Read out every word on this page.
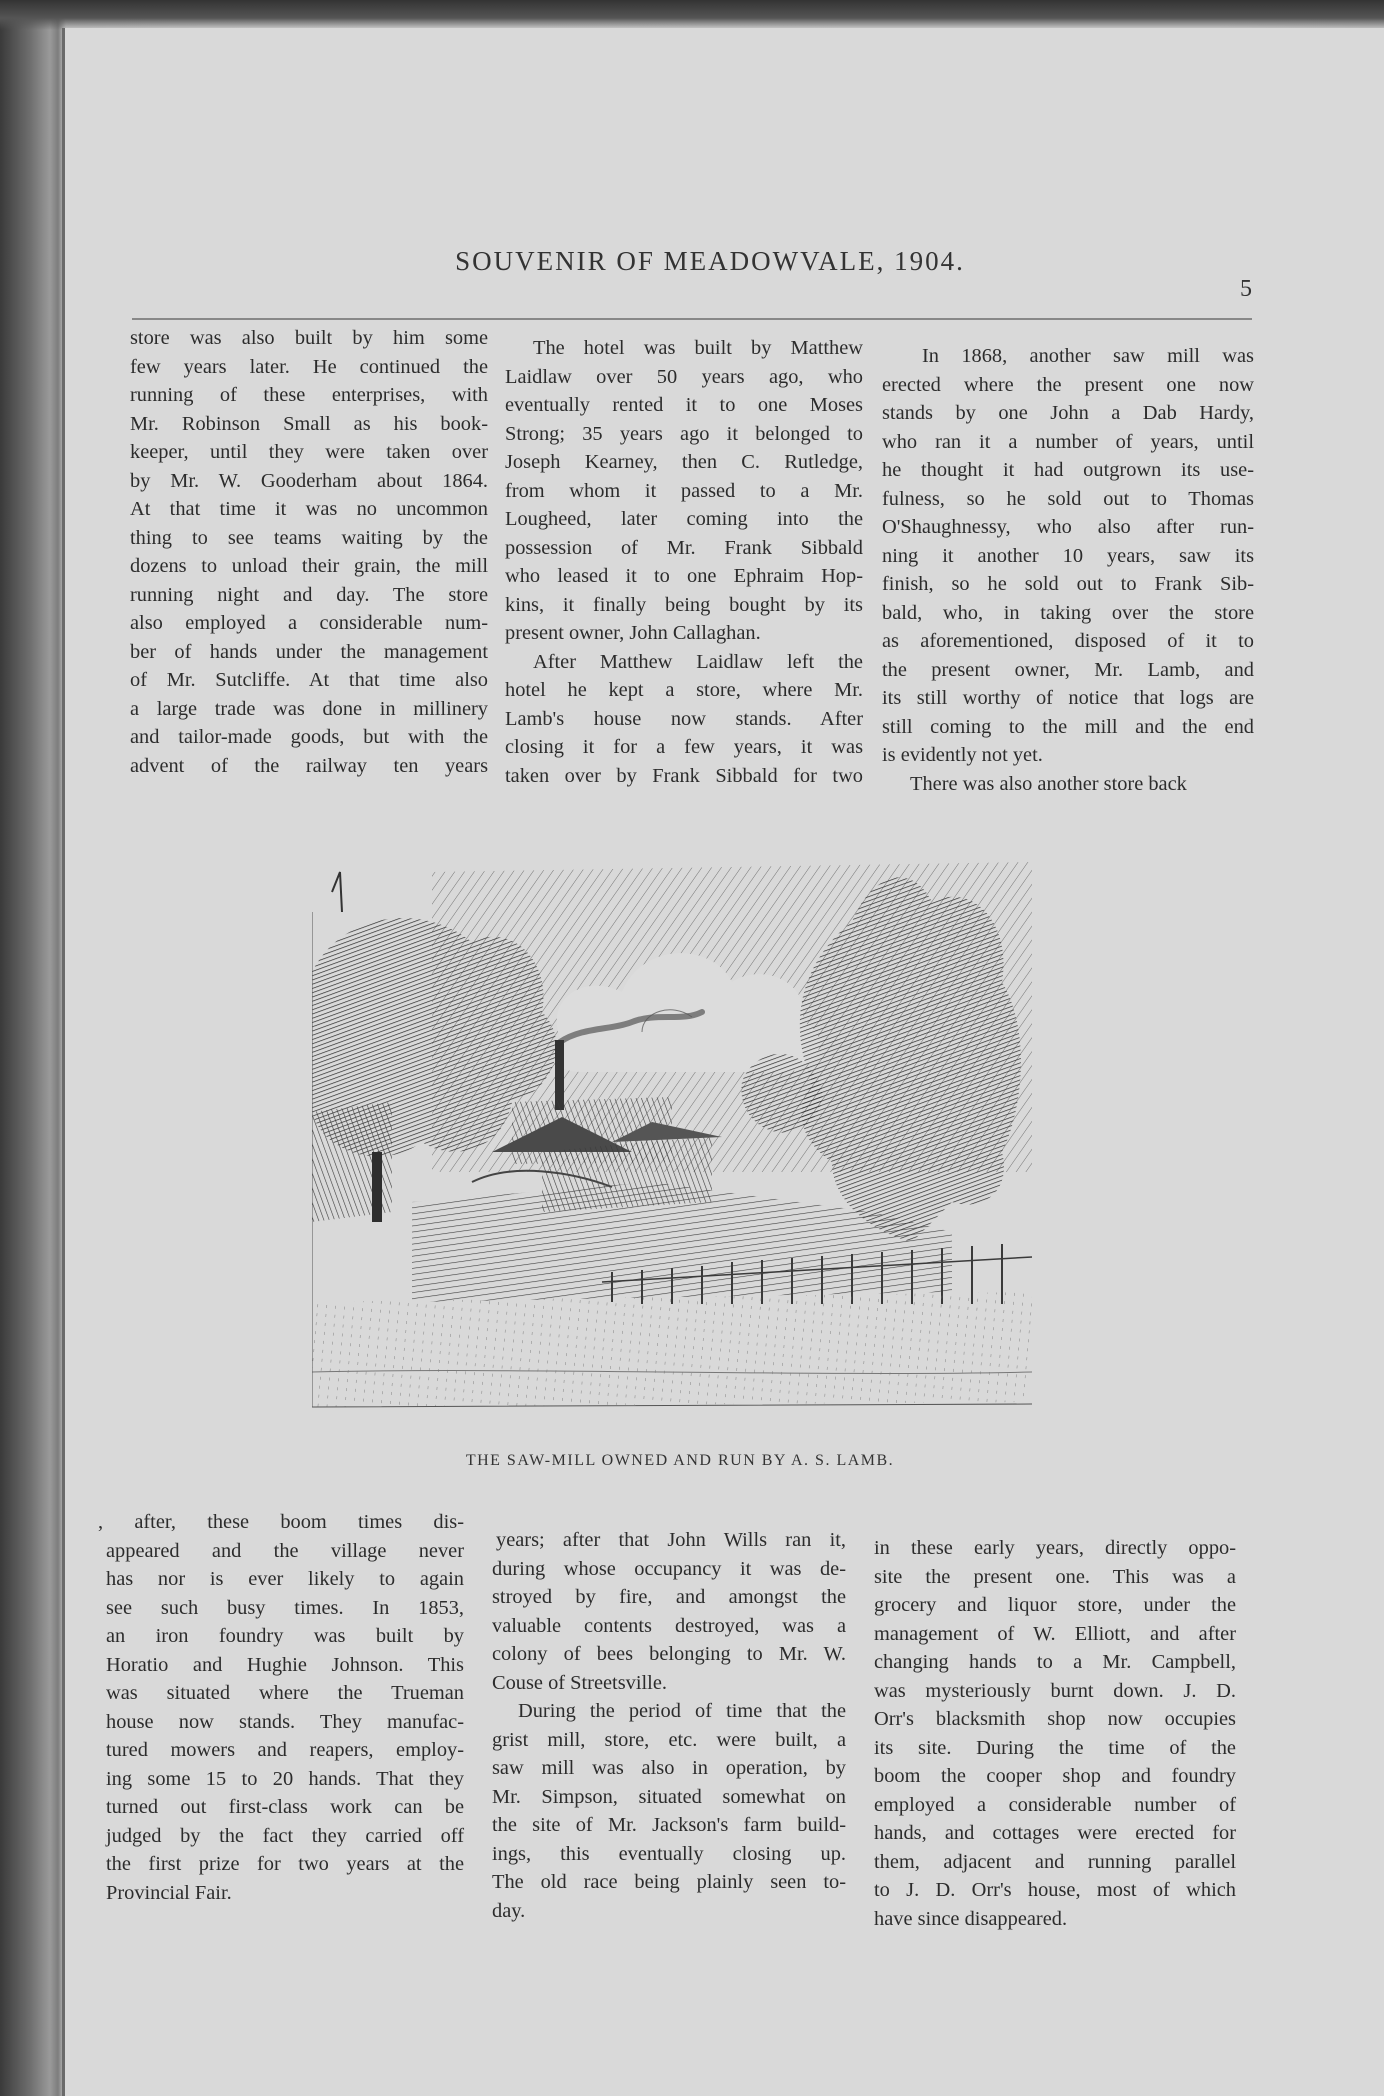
SOUVENIR OF MEADOWVALE, 1904.
5
store was also built by him some
few years later. He continued the
running of these enterprises, with
Mr. Robinson Small as his book-
keeper, until they were taken over
by Mr. W. Gooderham about 1864.
At that time it was no uncommon
thing to see teams waiting by the
dozens to unload their grain, the mill
running night and day. The store
also employed a considerable num-
ber of hands under the management
of Mr. Sutcliffe. At that time also
a large trade was done in millinery
and tailor-made goods, but with the
advent of the railway ten years
The hotel was built by Matthew
Laidlaw over 50 years ago, who
eventually rented it to one Moses
Strong; 35 years ago it belonged to
Joseph Kearney, then C. Rutledge,
from whom it passed to a Mr.
Lougheed, later coming into the
possession of Mr. Frank Sibbald
who leased it to one Ephraim Hop-
kins, it finally being bought by its
present owner, John Callaghan.
After Matthew Laidlaw left the
hotel he kept a store, where Mr.
Lamb's house now stands. After
closing it for a few years, it was
taken over by Frank Sibbald for two
In 1868, another saw mill was
erected where the present one now
stands by one John a Dab Hardy,
who ran it a number of years, until
he thought it had outgrown its use-
fulness, so he sold out to Thomas
O'Shaughnessy, who also after run-
ning it another 10 years, saw its
finish, so he sold out to Frank Sib-
bald, who, in taking over the store
as aforementioned, disposed of it to
the present owner, Mr. Lamb, and
its still worthy of notice that logs are
still coming to the mill and the end
is evidently not yet.
There was also another store back
THE SAW-MILL OWNED AND RUN BY A. S. LAMB.
, after, these boom times dis-
appeared and the village never
has nor is ever likely to again
see such busy times. In 1853,
an iron foundry was built by
Horatio and Hughie Johnson. This
was situated where the Trueman
house now stands. They manufac-
tured mowers and reapers, employ-
ing some 15 to 20 hands. That they
turned out first-class work can be
judged by the fact they carried off
the first prize for two years at the
Provincial Fair.
years; after that John Wills ran it,
during whose occupancy it was de-
stroyed by fire, and amongst the
valuable contents destroyed, was a
colony of bees belonging to Mr. W.
Couse of Streetsville.
During the period of time that the
grist mill, store, etc. were built, a
saw mill was also in operation, by
Mr. Simpson, situated somewhat on
the site of Mr. Jackson's farm build-
ings, this eventually closing up.
The old race being plainly seen to-
day.
in these early years, directly oppo-
site the present one. This was a
grocery and liquor store, under the
management of W. Elliott, and after
changing hands to a Mr. Campbell,
was mysteriously burnt down. J. D.
Orr's blacksmith shop now occupies
its site. During the time of the
boom the cooper shop and foundry
employed a considerable number of
hands, and cottages were erected for
them, adjacent and running parallel
to J. D. Orr's house, most of which
have since disappeared.
